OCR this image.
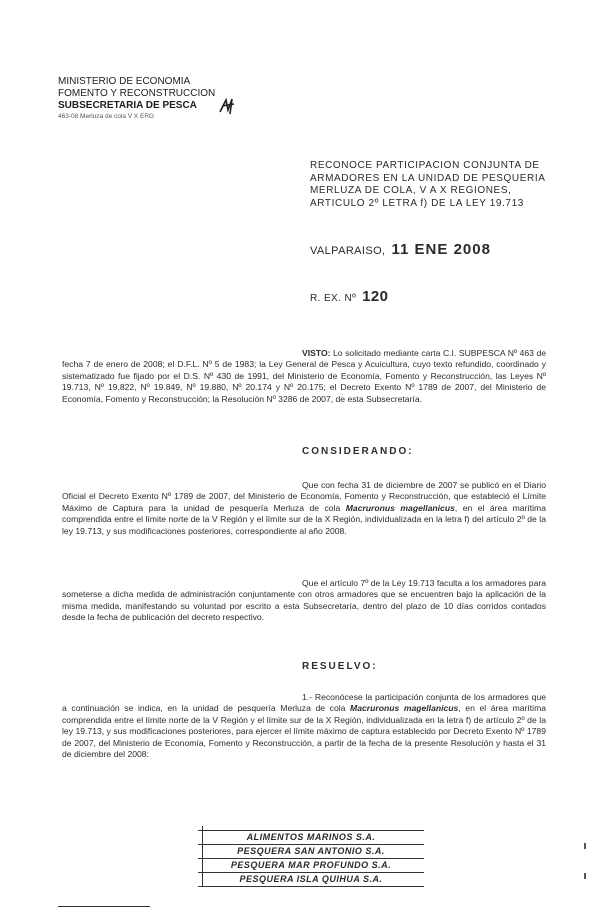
MINISTERIO DE ECONOMIA
FOMENTO Y RECONSTRUCCION
SUBSECRETARIA DE PESCA
463-08 Merluza de cola V X ERG
RECONOCE PARTICIPACION CONJUNTA DE ARMADORES EN LA UNIDAD DE PESQUERIA MERLUZA DE COLA, V A X REGIONES, ARTICULO 2º LETRA f) DE LA LEY 19.713
VALPARAISO, 11 ENE 2008
R. EX. Nº 120
VISTO: Lo solicitado mediante carta C.I. SUBPESCA Nº 463 de fecha 7 de enero de 2008; el D.F.L. Nº 5 de 1983; la Ley General de Pesca y Acuicultura, cuyo texto refundido, coordinado y sistematizado fue fijado por el D.S. Nº 430 de 1991, del Ministerio de Economía, Fomento y Reconstrucción, las Leyes Nº 19.713, Nº 19.822, Nº 19.849, Nº 19.880, Nº 20.174 y Nº 20.175; el Decreto Exento Nº 1789 de 2007, del Ministerio de Economía, Fomento y Reconstrucción; la Resolución Nº 3286 de 2007, de esta Subsecretaría.
CONSIDERANDO:
Que con fecha 31 de diciembre de 2007 se publicó en el Diario Oficial el Decreto Exento Nº 1789 de 2007, del Ministerio de Economía, Fomento y Reconstrucción, que estableció el Límite Máximo de Captura para la unidad de pesquería Merluza de cola Macruronus magellanicus, en el área marítima comprendida entre el límite norte de la V Región y el límite sur de la X Región, individualizada en la letra f) del artículo 2º de la ley 19.713, y sus modificaciones posteriores, correspondiente al año 2008.
Que el artículo 7º de la Ley 19.713 faculta a los armadores para someterse a dicha medida de administración conjuntamente con otros armadores que se encuentren bajo la aplicación de la misma medida, manifestando su voluntad por escrito a esta Subsecretaría, dentro del plazo de 10 días corridos contados desde la fecha de publicación del decreto respectivo.
RESUELVO:
1.- Reconócese la participación conjunta de los armadores que a continuación se indica, en la unidad de pesquería Merluza de cola Macruronus magellanicus, en el área marítima comprendida entre el límite norte de la V Región y el límite sur de la X Región, individualizada en la letra f) de artículo 2º de la ley 19.713, y sus modificaciones posteriores, para ejercer el límite máximo de captura establecido por Decreto Exento Nº 1789 de 2007, del Ministerio de Economía, Fomento y Reconstrucción, a partir de la fecha de la presente Resolución y hasta el 31 de diciembre del 2008:
ALIMENTOS MARINOS S.A.
PESQUERA SAN ANTONIO S.A.
PESQUERA MAR PROFUNDO S.A.
PESQUERA ISLA QUIHUA S.A.
